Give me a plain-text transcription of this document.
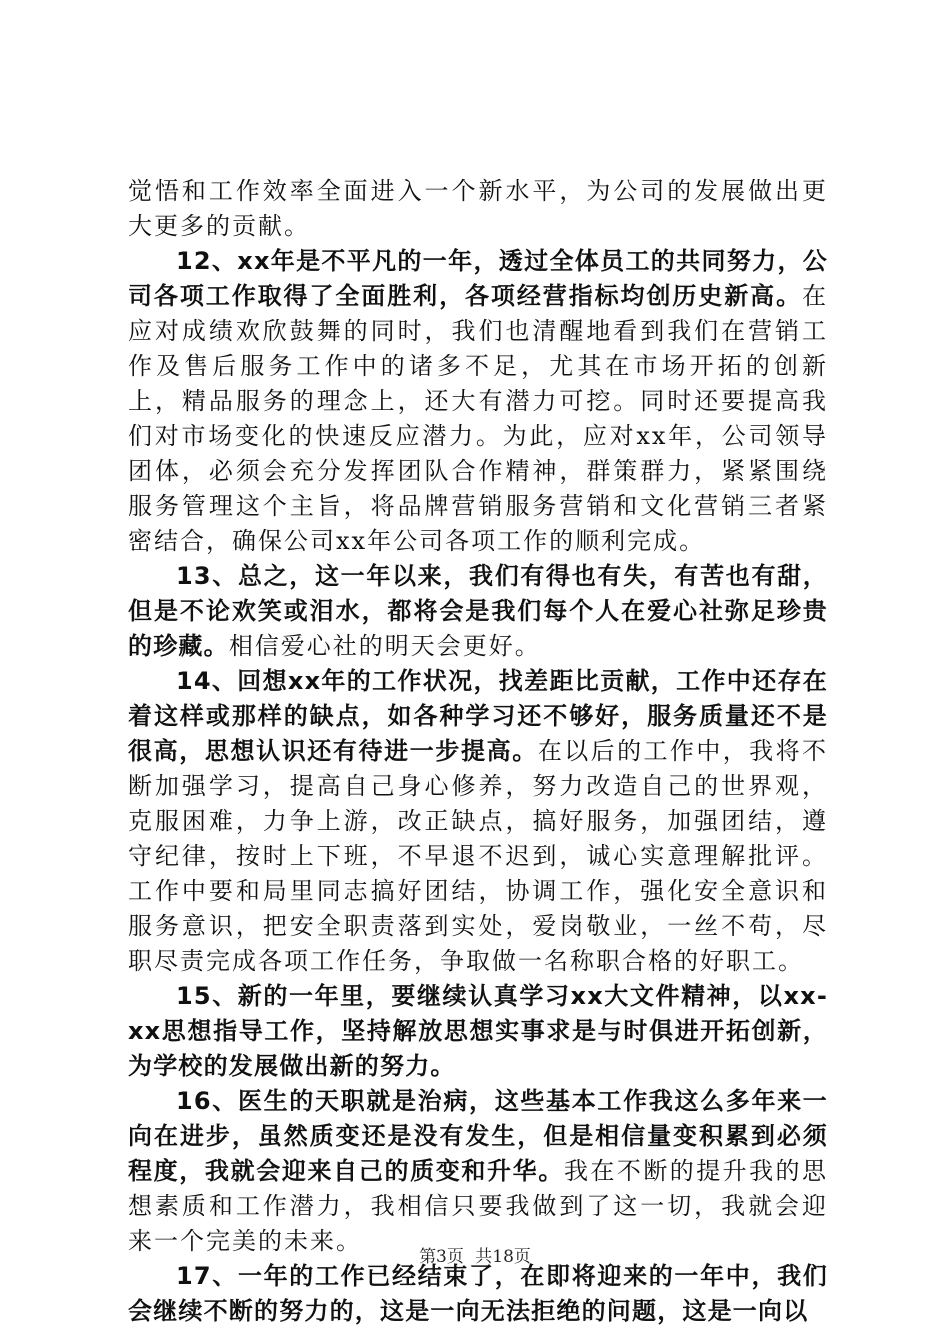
觉悟和工作效率全面进入一个新水平，为公司的发展做出更大更多的贡献。

12、xx年是不平凡的一年，透过全体员工的共同努力，公司各项工作取得了全面胜利，各项经营指标均创历史新高。在应对成绩欢欣鼓舞的同时，我们也清醒地看到我们在营销工作及售后服务工作中的诸多不足，尤其在市场开拓的创新上，精品服务的理念上，还大有潜力可挖。同时还要提高我们对市场变化的快速反应潜力。为此，应对xx年，公司领导团体，必须会充分发挥团队合作精神，群策群力，紧紧围绕服务管理这个主旨，将品牌营销服务营销和文化营销三者紧密结合，确保公司xx年公司各项工作的顺利完成。

13、总之，这一年以来，我们有得也有失，有苦也有甜，但是不论欢笑或泪水，都将会是我们每个人在爱心社弥足珍贵的珍藏。相信爱心社的明天会更好。

14、回想xx年的工作状况，找差距比贡献，工作中还存在着这样或那样的缺点，如各种学习还不够好，服务质量还不是很高，思想认识还有待进一步提高。在以后的工作中，我将不断加强学习，提高自己身心修养，努力改造自己的世界观，克服困难，力争上游，改正缺点，搞好服务，加强团结，遵守纪律，按时上下班，不早退不迟到，诚心实意理解批评。工作中要和局里同志搞好团结，协调工作，强化安全意识和服务意识，把安全职责落到实处，爱岗敬业，一丝不苟，尽职尽责完成各项工作任务，争取做一名称职合格的好职工。

15、新的一年里，要继续认真学习xx大文件精神，以xx-xx思想指导工作，坚持解放思想实事求是与时俱进开拓创新，为学校的发展做出新的努力。

16、医生的天职就是治病，这些基本工作我这么多年来一向在进步，虽然质变还是没有发生，但是相信量变积累到必须程度，我就会迎来自己的质变和升华。我在不断的提升我的思想素质和工作潜力，我相信只要我做到了这一切，我就会迎来一个完美的未来。

17、一年的工作已经结束了，在即将迎来的一年中，我们会继续不断的努力的，这是一向无法拒绝的问题，这是一向以

第3页 共18页
